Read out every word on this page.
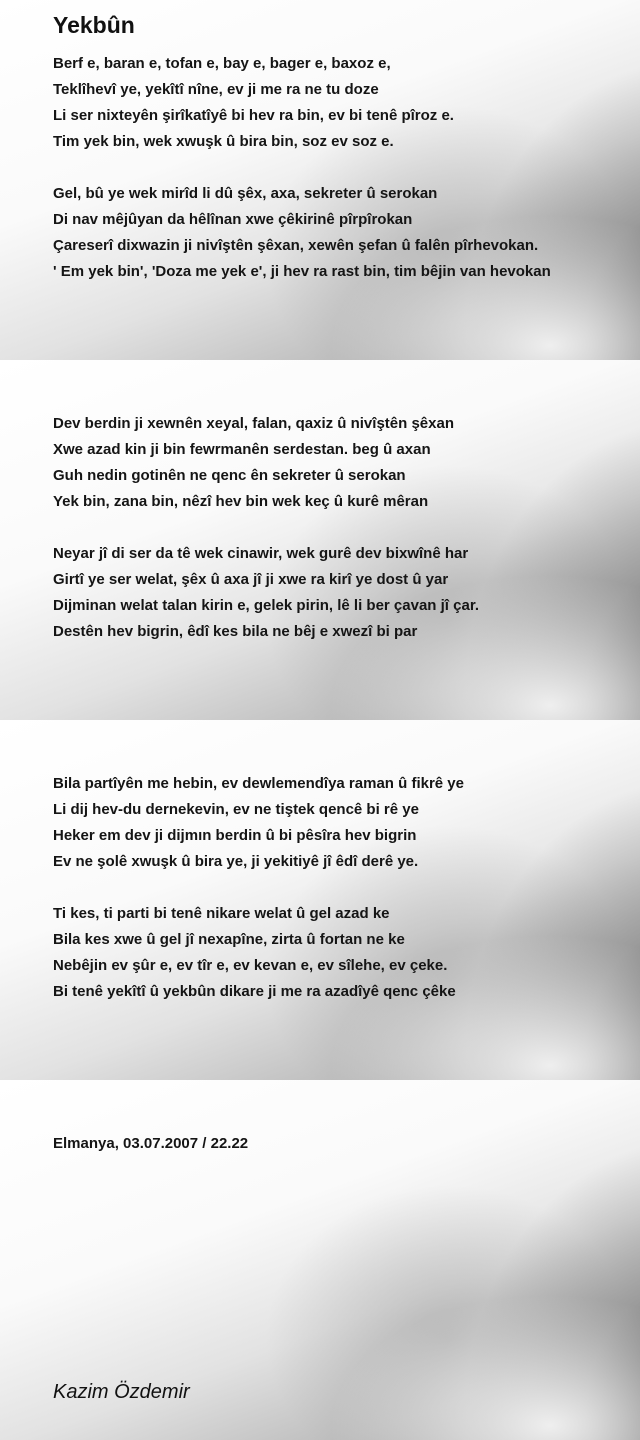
Yekbûn
Berf e, baran e, tofan e, bay e, bager e, baxoz e,
Teklîhevî ye, yekîtî nîne, ev ji me ra ne tu doze
Li ser nixteyên şirîkatîyê bi hev ra bin, ev bi tenê pîroz e.
Tim yek bin, wek xwuşk û bira bin, soz ev soz e.
Gel, bû ye wek mirîd li dû şêx, axa, sekreter û serokan
Di nav mêjûyan da hêlînan xwe çêkirinê pîrpîrokan
Çareserî dixwazin ji nivîştên şêxan, xewên şefan û falên pîrhevokan.
' Em yek bin', 'Doza me yek e', ji hev ra rast bin, tim bêjin van hevokan
Dev berdin ji xewnên xeyal, falan, qaxiz û nivîştên şêxan
Xwe azad kin ji bin fewrmanên serdestan. beg û axan
Guh nedin gotinên ne qenc ên sekreter û serokan
Yek bin, zana bin, nêzî hev bin wek keç û kurê mêran
Neyar jî di ser da tê wek cinawir, wek gurê dev bixwînê har
Girtî ye ser welat, şêx û axa jî ji xwe ra kirî ye dost û yar
Dijminan welat talan kirin e, gelek pirin, lê li ber çavan jî çar.
Destên hev bigrin, êdî kes bila ne bêj e xwezî bi par
Bila partîyên me hebin, ev dewlemendîya raman û fikrê ye
Li dij hev-du dernekevin, ev ne tiştek qencê bi rê ye
Heker em dev ji dijmın berdin û bi pêsîra hev bigrin
Ev ne şolê xwuşk û bira ye, ji yekitiyê jî êdî derê ye.
Ti kes, ti parti bi tenê nikare welat û gel azad ke
Bila kes xwe û gel jî nexapîne, zirta û fortan ne ke
Nebêjin ev şûr e, ev tîr e, ev kevan e, ev sîlehe, ev çeke.
Bi tenê yekîtî û yekbûn dikare ji me ra azadîyê qenc çêke
Elmanya, 03.07.2007 / 22.22
Kazim Özdemir
